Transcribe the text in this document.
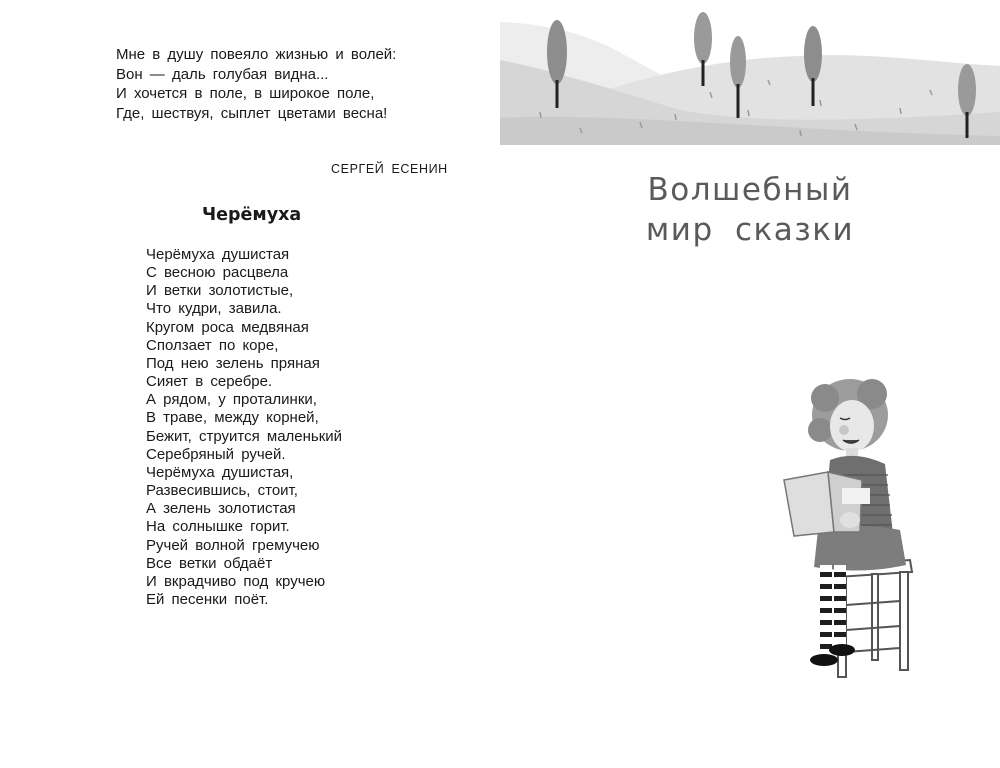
Мне в душу повеяло жизнью и волей:
Вон — даль голубая видна...
И хочется в поле, в широкое поле,
Где, шествуя, сыплет цветами весна!
СЕРГЕЙ ЕСЕНИН
Черёмуха
Черёмуха душистая
С весною расцвела
И ветки золотистые,
Что кудри, завила.
Кругом роса медвяная
Сползает по коре,
Под нею зелень пряная
Сияет в серебре.
А рядом, у проталинки,
В траве, между корней,
Бежит, струится маленький
Серебряный ручей.
Черёмуха душистая,
Развесившись, стоит,
А зелень золотистая
На солнышке горит.
Ручей волной гремучею
Все ветки обдаёт
И вкрадчиво под кручею
Ей песенки поёт.
Волшебный
мир сказки
